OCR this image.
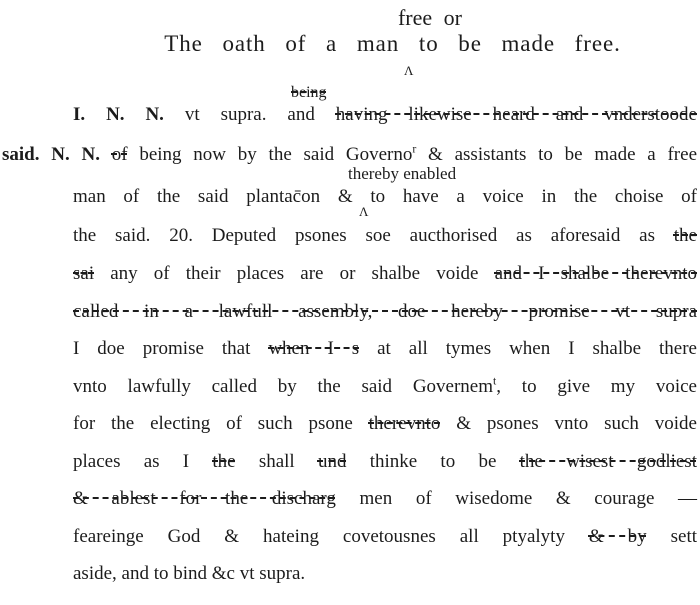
free or
The oath of a man to be made free.
Λ
being
thereby enabled
Λ
I. N. N. vt supra. and having likewise heard and vnderstoode
said. N. N. of being now by the said Governo$^r$ & assistants to be made a free
man of the said plantac̄on & to have a voice in the choise of
the said. 20. Deputed psones soe aucthorised as aforesaid as the
sai any of their places are or shalbe voide and I shalbe therevnto
called in a lawfull assembly, doe hereby promise vt supra
I doe promise that when I s at all tymes when I shalbe there
vnto lawfully called by the said Governem$^t$, to give my voice
for the electing of such psone therevnto & psones vnto such voide
places as I the shall und thinke to be the wisest godliest
& ablest for the discharg men of wisedome & courage —
feareinge God & hateing covetousnes all ptyalyty & by sett
aside, and to bind &c vt supra.
